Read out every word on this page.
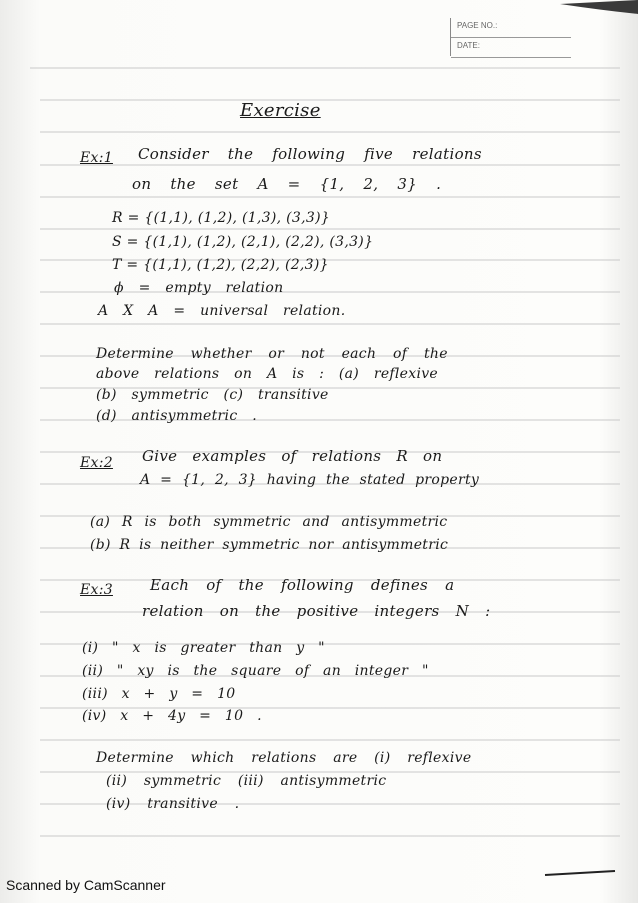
PAGE NO.:
DATE:
Exercise
Ex:1 Consider the following five relations
on the set A = {1, 2, 3} .
R = {(1,1), (1,2), (1,3), (3,3)}
S = {(1,1), (1,2), (2,1), (2,2), (3,3)}
T = {(1,1), (1,2), (2,2), (2,3)}
ϕ = empty relation
A X A = universal relation.
Determine whether or not each of the
above relations on A is : (a) reflexive
(b) symmetric (c) transitive
(d) antisymmetric .
Ex:2 Give examples of relations R on
A = {1, 2, 3} having the stated property
(a) R is both symmetric and antisymmetric
(b) R is neither symmetric nor antisymmetric
Ex:3 Each of the following defines a
relation on the positive integers N :
(i) " x is greater than y "
(ii) " xy is the square of an integer "
(iii) x + y = 10
(iv) x + 4y = 10 .
Determine which relations are (i) reflexive
(ii) symmetric (iii) antisymmetric
(iv) transitive .
Scanned by CamScanner
